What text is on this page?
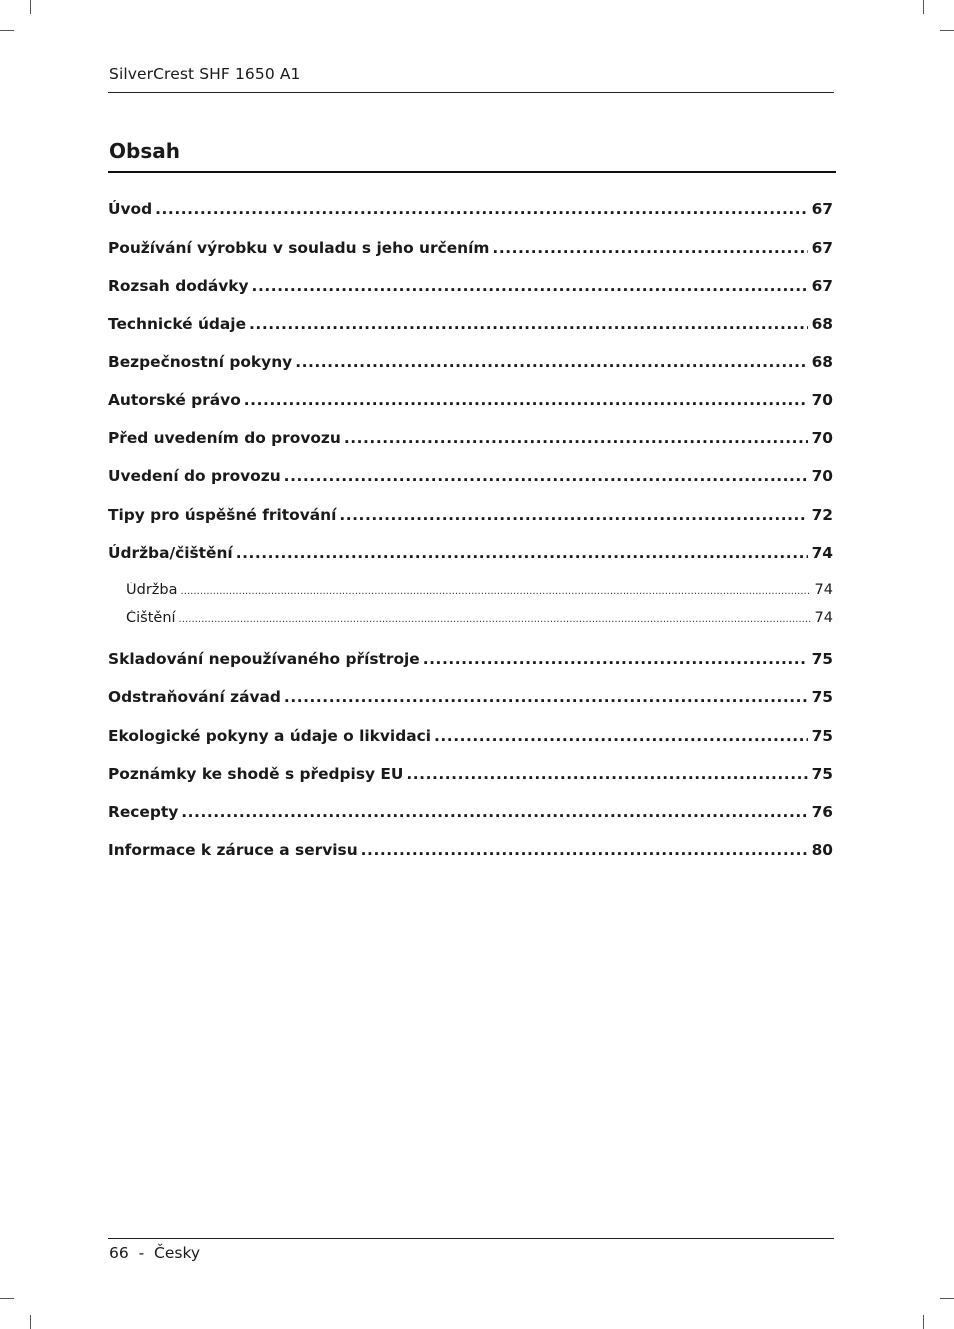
SilverCrest SHF 1650 A1
Obsah
Úvod .....	67
Používání výrobku v souladu s jeho určením .....	67
Rozsah dodávky .....	67
Technické údaje .....	68
Bezpečnostní pokyny .....	68
Autorské právo .....	70
Před uvedením do provozu .....	70
Uvedení do provozu .....	70
Tipy pro úspěšné fritování .....	72
Údržba/čištění .....	74
Údržba .....	74
Čištění .....	74
Skladování nepoužívaného přístroje .....	75
Odstraňování závad .....	75
Ekologické pokyny a údaje o likvidaci .....	75
Poznámky ke shodě s předpisy EU .....	75
Recepty .....	76
Informace k záruce a servisu .....	80
66  -  Česky
